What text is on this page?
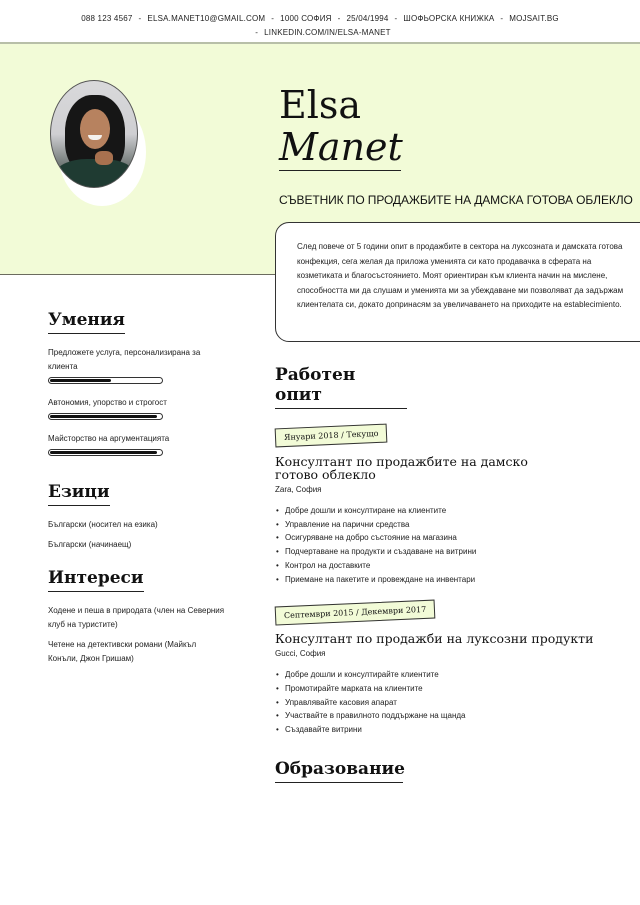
088 123 4567 - ELSA.MANET10@GMAIL.COM - 1000 СОФИЯ - 25/04/1994 - ШОФЬОРСКА КНИЖКА - MOJSAIT.BG
- LINKEDIN.COM/IN/ELSA-MANET
Elsa
Manet
СЪВЕТНИК ПО ПРОДАЖБИТЕ НА ДАМСКА ГОТОВА ОБЛЕКЛО

След повече от 5 години опит в продажбите в сектора на луксозната и дамската готова конфекция, сега желая да приложа уменията си като продавачка в сферата на козметиката и благосъстоянието. Моят ориентиран към клиента начин на мислене, способността ми да слушам и уменията ми за убеждаване ми позволяват да задържам клиентелата си, докато допринасям за увеличаването на приходите на establecimiento.

Умения
Предложете услуга, персонализирана за клиента
Автономия, упорство и строгост
Майсторство на аргументацията
Езици
Български (носител на езика)
Български (начинаещ)
Интереси
Ходене и пеша в природата (член на Северния клуб на туристите)
Четене на детективски романи (Майкъл Конъли, Джон Гришам)
Работен опит
Януари 2018 / Текущо
Консултант по продажбите на дамско готово облекло
Zara, София
• Добре дошли и консултиране на клиентите
• Управление на парични средства
• Осигуряване на добро състояние на магазина
• Подчертаване на продукти и създаване на витрини
• Контрол на доставките
• Приемане на пакетите и провеждане на инвентари
Септември 2015 / Декември 2017
Консултант по продажби на луксозни продукти
Gucci, София
• Добре дошли и консултирайте клиентите
• Промотирайте марката на клиентите
• Управлявайте касовия апарат
• Участвайте в правилното поддържане на щанда
• Създавайте витрини
Образование
